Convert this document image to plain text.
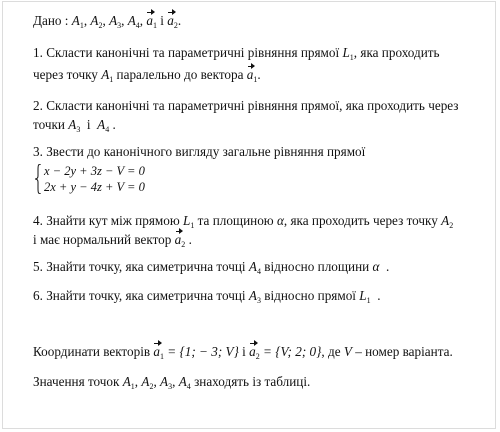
Дано : $A_1$, $A_2$, $A_3$, $A_4$, $a_1$ і $a_2$.
1. Скласти канонічні та параметричні рівняння прямої $L_1$, яка проходить
через точку $A_1$ паралельно до вектора $a_1$.
2. Скласти канонічні та параметричні рівняння прямої, яка проходить через
точки $A_3$ і $A_4$ .
3. Звести до канонічного вигляду загальне рівняння прямої
x − 2y + 3z − V = 0
2x + y − 4z + V = 0
4. Знайти кут між прямою $L_1$ та площиною α, яка проходить через точку $A_2$
і має нормальний вектор $a_2$ .
5. Знайти точку, яка симетрична точці $A_4$ відносно площини α .
6. Знайти точку, яка симетрична точці $A_3$ відносно прямої $L_1$ .
Координати векторів $a_1 = \{1$; − 3; V} і $a_2 = \{V$; 2; 0}, де V – номер варіанта.
Значення точок $A_1$, $A_2$, $A_3$, $A_4$ знаходять із таблиці.
